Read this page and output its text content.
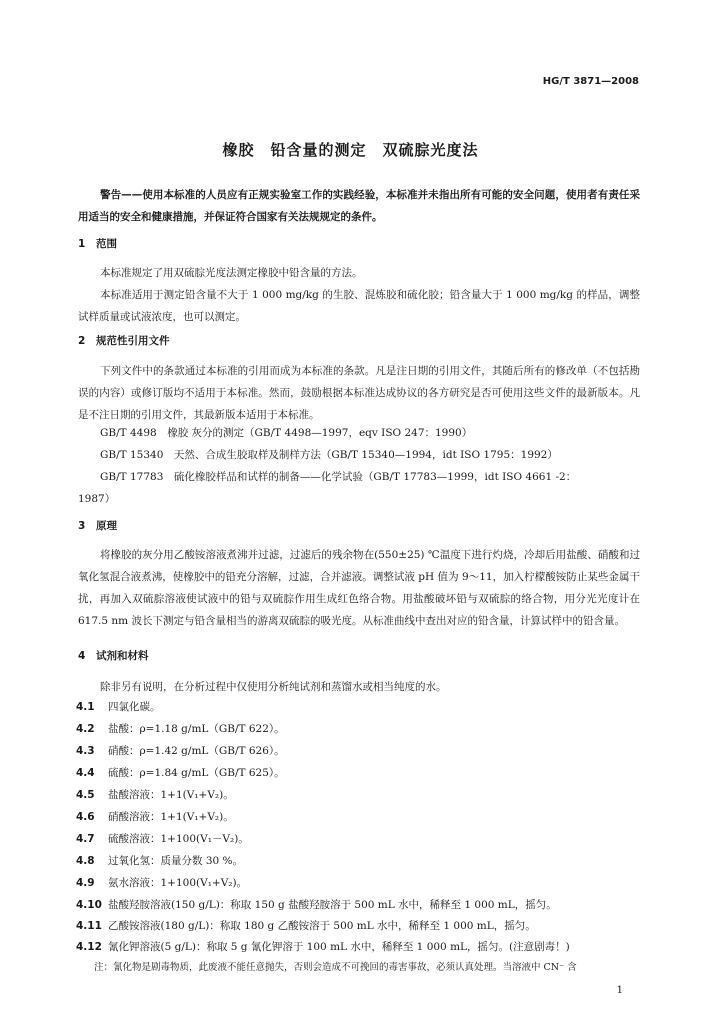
HG/T 3871—2008
橡胶　铅含量的测定　双硫腙光度法
警告——使用本标准的人员应有正规实验室工作的实践经验，本标准并未指出所有可能的安全问题，使用者有责任采用适当的安全和健康措施，并保证符合国家有关法规规定的条件。
1 范围
本标准规定了用双硫腙光度法测定橡胶中铅含量的方法。
本标准适用于测定铅含量不大于 1 000 mg/kg 的生胶、混炼胶和硫化胶；铅含量大于 1 000 mg/kg 的样品，调整试样质量或试液浓度，也可以测定。
2 规范性引用文件
下列文件中的条款通过本标准的引用而成为本标准的条款。凡是注日期的引用文件，其随后所有的修改单（不包括勘误的内容）或修订版均不适用于本标准。然而，鼓励根据本标准达成协议的各方研究是否可使用这些文件的最新版本。凡是不注日期的引用文件，其最新版本适用于本标准。
GB/T 4498　橡胶 灰分的测定（GB/T 4498—1997，eqv ISO 247：1990）
GB/T 15340　天然、合成生胶取样及制样方法（GB/T 15340—1994，idt ISO 1795：1992）
GB/T 17783　硫化橡胶样品和试样的制备——化学试验（GB/T 17783—1999，idt ISO 4661 -2：
1987）
3 原理
将橡胶的灰分用乙酸铵溶液煮沸并过滤，过滤后的残余物在(550±25) ℃温度下进行灼烧，冷却后用盐酸、硝酸和过氧化氢混合液煮沸，使橡胶中的铅充分溶解，过滤，合并滤液。调整试液 pH 值为 9～11，加入柠檬酸铵防止某些金属干扰，再加入双硫腙溶液使试液中的铅与双硫腙作用生成红色络合物。用盐酸破坏铅与双硫腙的络合物，用分光光度计在 617.5 nm 波长下测定与铅含量相当的游离双硫腙的吸光度。从标准曲线中查出对应的铅含量，计算试样中的铅含量。
4 试剂和材料
除非另有说明，在分析过程中仅使用分析纯试剂和蒸馏水或相当纯度的水。
4.1 四氯化碳。
4.2 盐酸：ρ=1.18 g/mL（GB/T 622）。
4.3 硝酸：ρ=1.42 g/mL（GB/T 626）。
4.4 硫酸：ρ=1.84 g/mL（GB/T 625）。
4.5 盐酸溶液：1+1(V₁+V₂)。
4.6 硝酸溶液：1+1(V₁+V₂)。
4.7 硫酸溶液：1+100(V₁－V₂)。
4.8 过氧化氢：质量分数 30 %。
4.9 氨水溶液：1+100(V₁+V₂)。
4.10 盐酸羟胺溶液(150 g/L)：称取 150 g 盐酸羟胺溶于 500 mL 水中，稀释至 1 000 mL，摇匀。
4.11 乙酸铵溶液(180 g/L)：称取 180 g 乙酸铵溶于 500 mL 水中，稀释至 1 000 mL，摇匀。
4.12 氰化钾溶液(5 g/L)：称取 5 g 氰化钾溶于 100 mL 水中，稀释至 1 000 mL，摇匀。(注意剧毒！)
注：氰化物是剧毒物质，此废液不能任意抛失，否则会造成不可挽回的毒害事故，必须认真处理。当溶液中 CN⁻ 含
1
